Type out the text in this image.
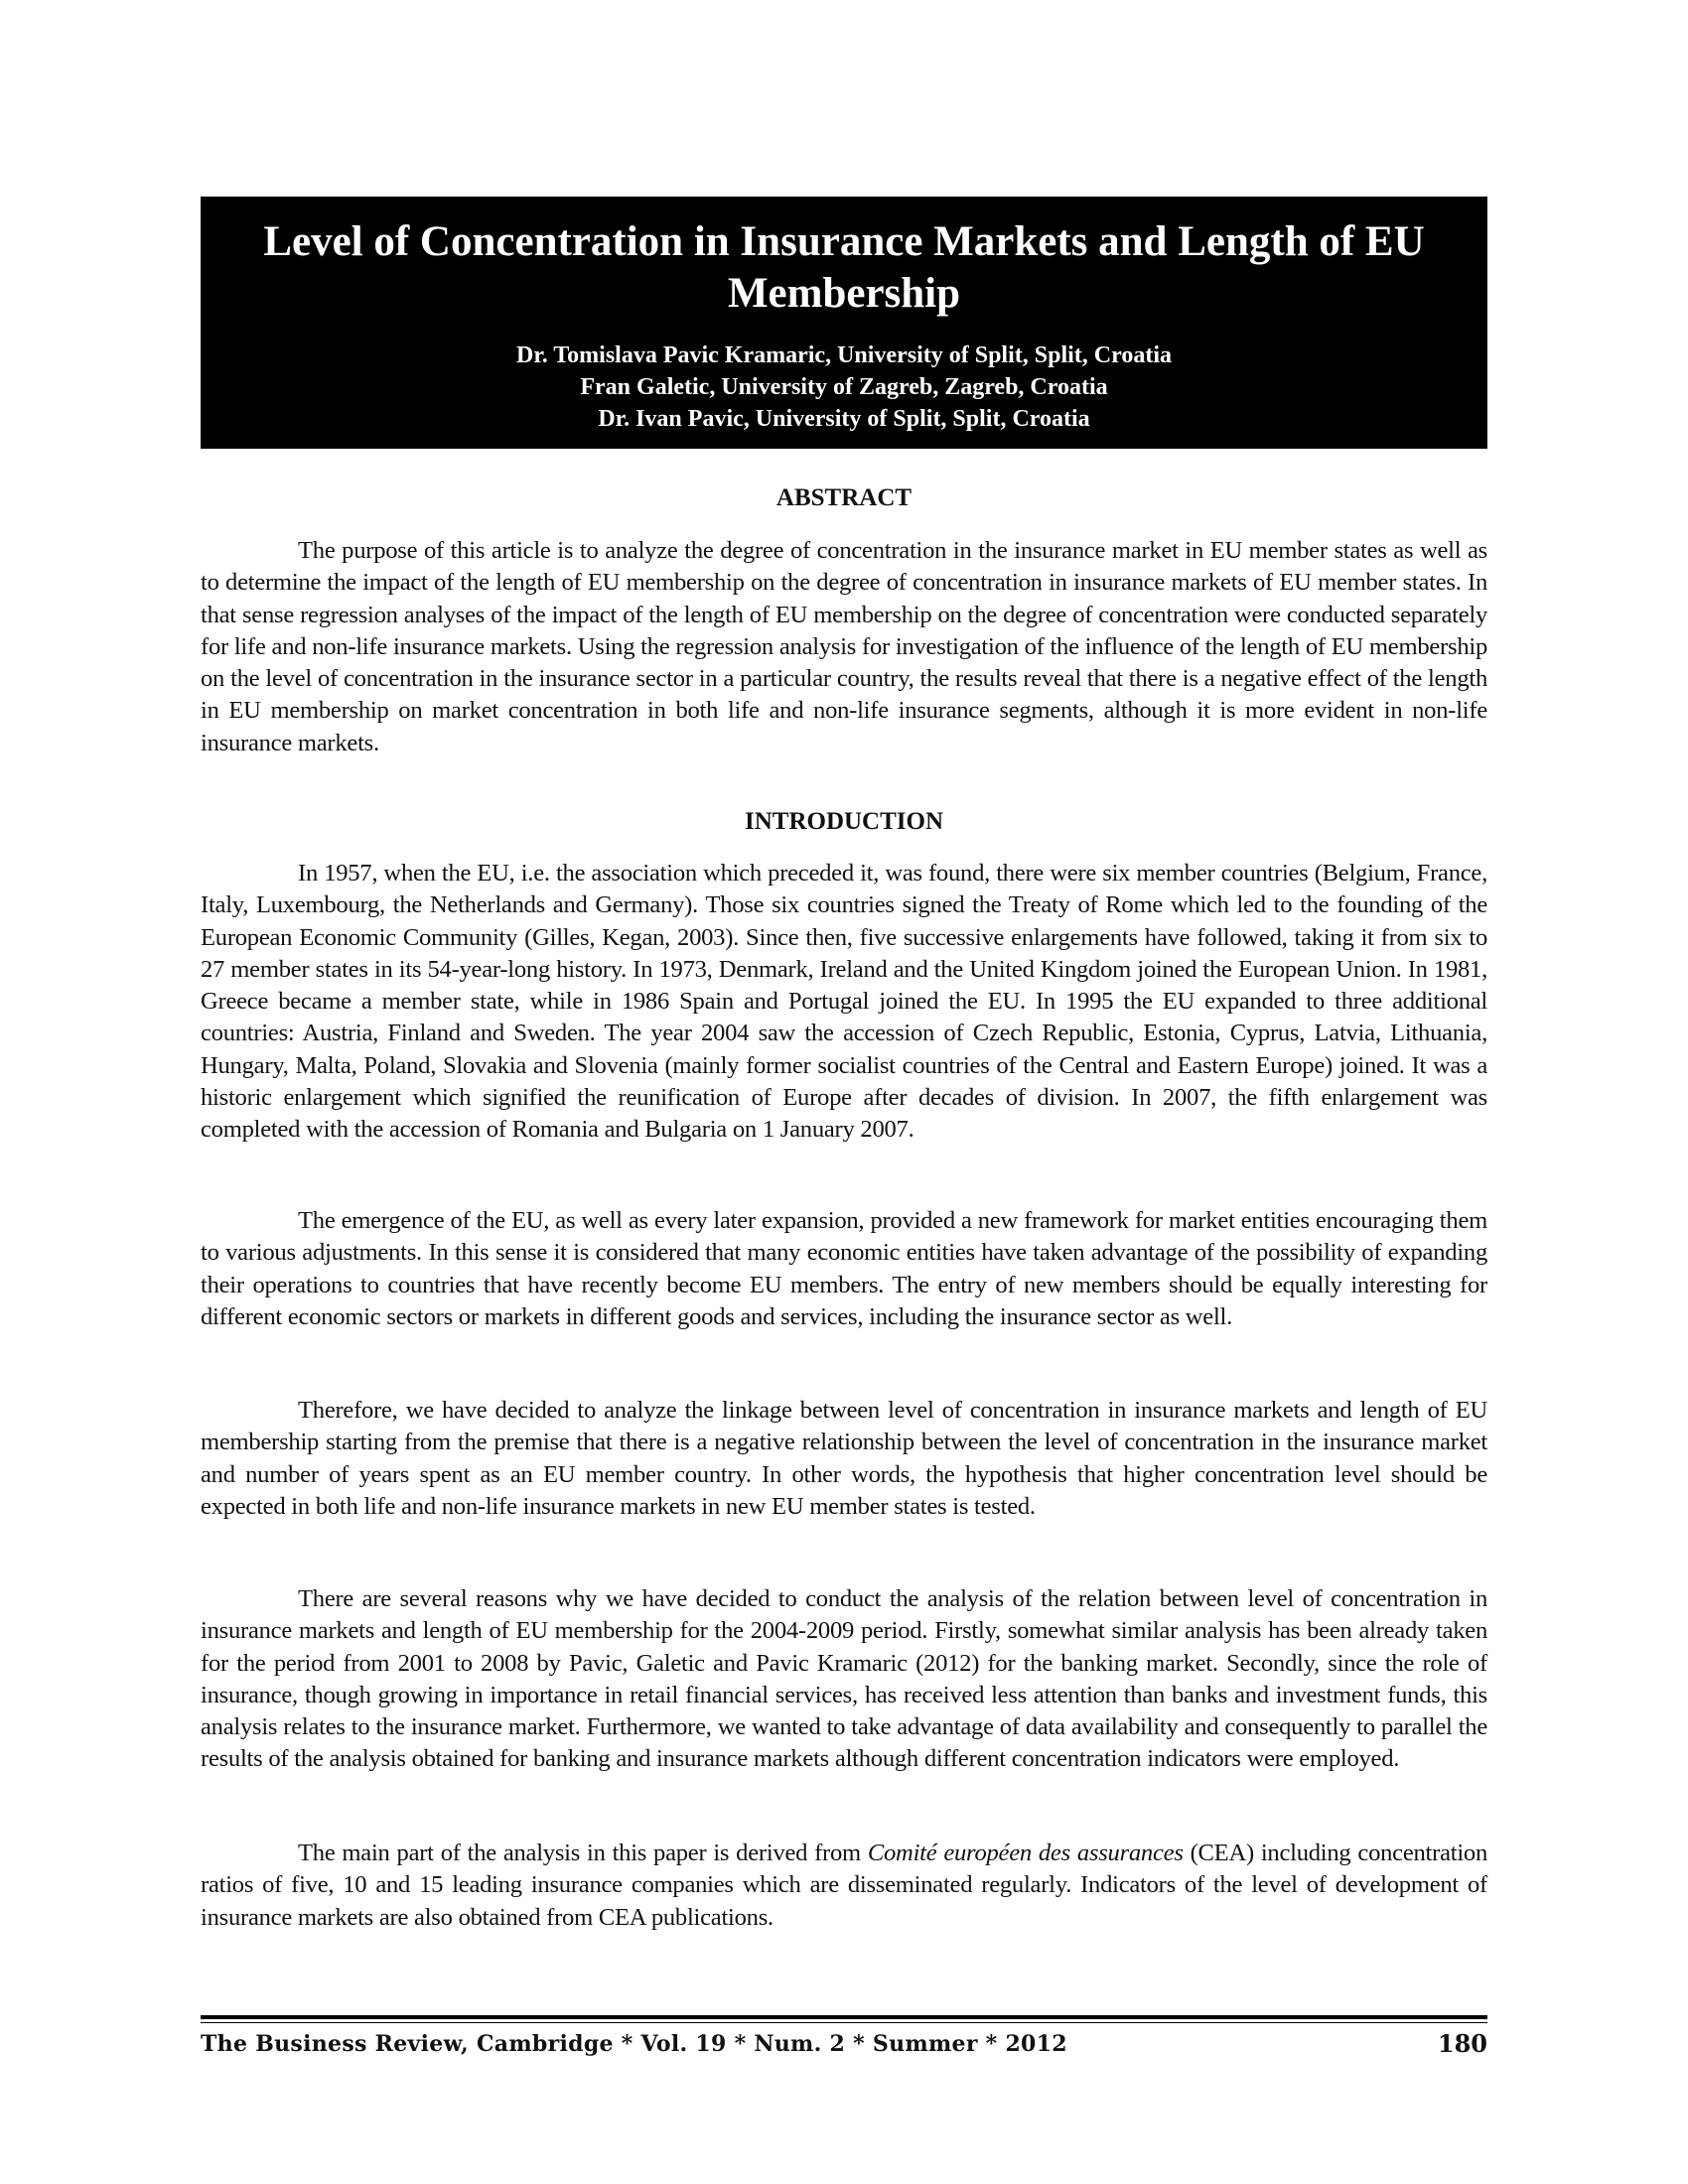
Level of Concentration in Insurance Markets and Length of EU Membership
Dr. Tomislava Pavic Kramaric, University of Split, Split, Croatia
Fran Galetic, University of Zagreb, Zagreb, Croatia
Dr. Ivan Pavic, University of Split, Split, Croatia
ABSTRACT

The purpose of this article is to analyze the degree of concentration in the insurance market in EU member states as well as to determine the impact of the length of EU membership on the degree of concentration in insurance markets of EU member states. In that sense regression analyses of the impact of the length of EU membership on the degree of concentration were conducted separately for life and non-life insurance markets. Using the regression analysis for investigation of the influence of the length of EU membership on the level of concentration in the insurance sector in a particular country, the results reveal that there is a negative effect of the length in EU membership on market concentration in both life and non-life insurance segments, although it is more evident in non-life insurance markets.

INTRODUCTION

In 1957, when the EU, i.e. the association which preceded it, was found, there were six member countries (Belgium, France, Italy, Luxembourg, the Netherlands and Germany). Those six countries signed the Treaty of Rome which led to the founding of the European Economic Community (Gilles, Kegan, 2003). Since then, five successive enlargements have followed, taking it from six to 27 member states in its 54-year-long history. In 1973, Denmark, Ireland and the United Kingdom joined the European Union. In 1981, Greece became a member state, while in 1986 Spain and Portugal joined the EU. In 1995 the EU expanded to three additional countries: Austria, Finland and Sweden. The year 2004 saw the accession of Czech Republic, Estonia, Cyprus, Latvia, Lithuania, Hungary, Malta, Poland, Slovakia and Slovenia (mainly former socialist countries of the Central and Eastern Europe) joined. It was a historic enlargement which signified the reunification of Europe after decades of division. In 2007, the fifth enlargement was completed with the accession of Romania and Bulgaria on 1 January 2007.

The emergence of the EU, as well as every later expansion, provided a new framework for market entities encouraging them to various adjustments. In this sense it is considered that many economic entities have taken advantage of the possibility of expanding their operations to countries that have recently become EU members. The entry of new members should be equally interesting for different economic sectors or markets in different goods and services, including the insurance sector as well.

Therefore, we have decided to analyze the linkage between level of concentration in insurance markets and length of EU membership starting from the premise that there is a negative relationship between the level of concentration in the insurance market and number of years spent as an EU member country. In other words, the hypothesis that higher concentration level should be expected in both life and non-life insurance markets in new EU member states is tested.

There are several reasons why we have decided to conduct the analysis of the relation between level of concentration in insurance markets and length of EU membership for the 2004-2009 period. Firstly, somewhat similar analysis has been already taken for the period from 2001 to 2008 by Pavic, Galetic and Pavic Kramaric (2012) for the banking market. Secondly, since the role of insurance, though growing in importance in retail financial services, has received less attention than banks and investment funds, this analysis relates to the insurance market. Furthermore, we wanted to take advantage of data availability and consequently to parallel the results of the analysis obtained for banking and insurance markets although different concentration indicators were employed.

The main part of the analysis in this paper is derived from Comité européen des assurances (CEA) including concentration ratios of five, 10 and 15 leading insurance companies which are disseminated regularly. Indicators of the level of development of insurance markets are also obtained from CEA publications.

The Business Review, Cambridge * Vol. 19 * Num. 2 * Summer * 2012	180
